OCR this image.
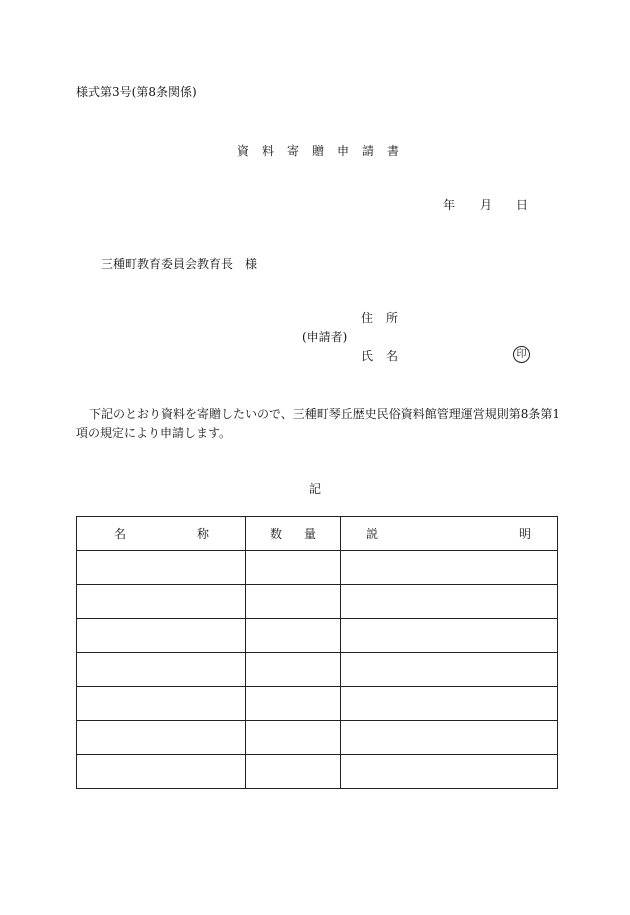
様式第3号(第8条関係)
資料寄贈申請書
年 月 日
三種町教育委員会教育長　様
住所
(申請者)
氏名	印
下記のとおり資料を寄贈したいので、三種町琴丘歴史民俗資料館管理運営規則第8条第1
項の規定により申請します。
記
名 称	数 量	説 明
